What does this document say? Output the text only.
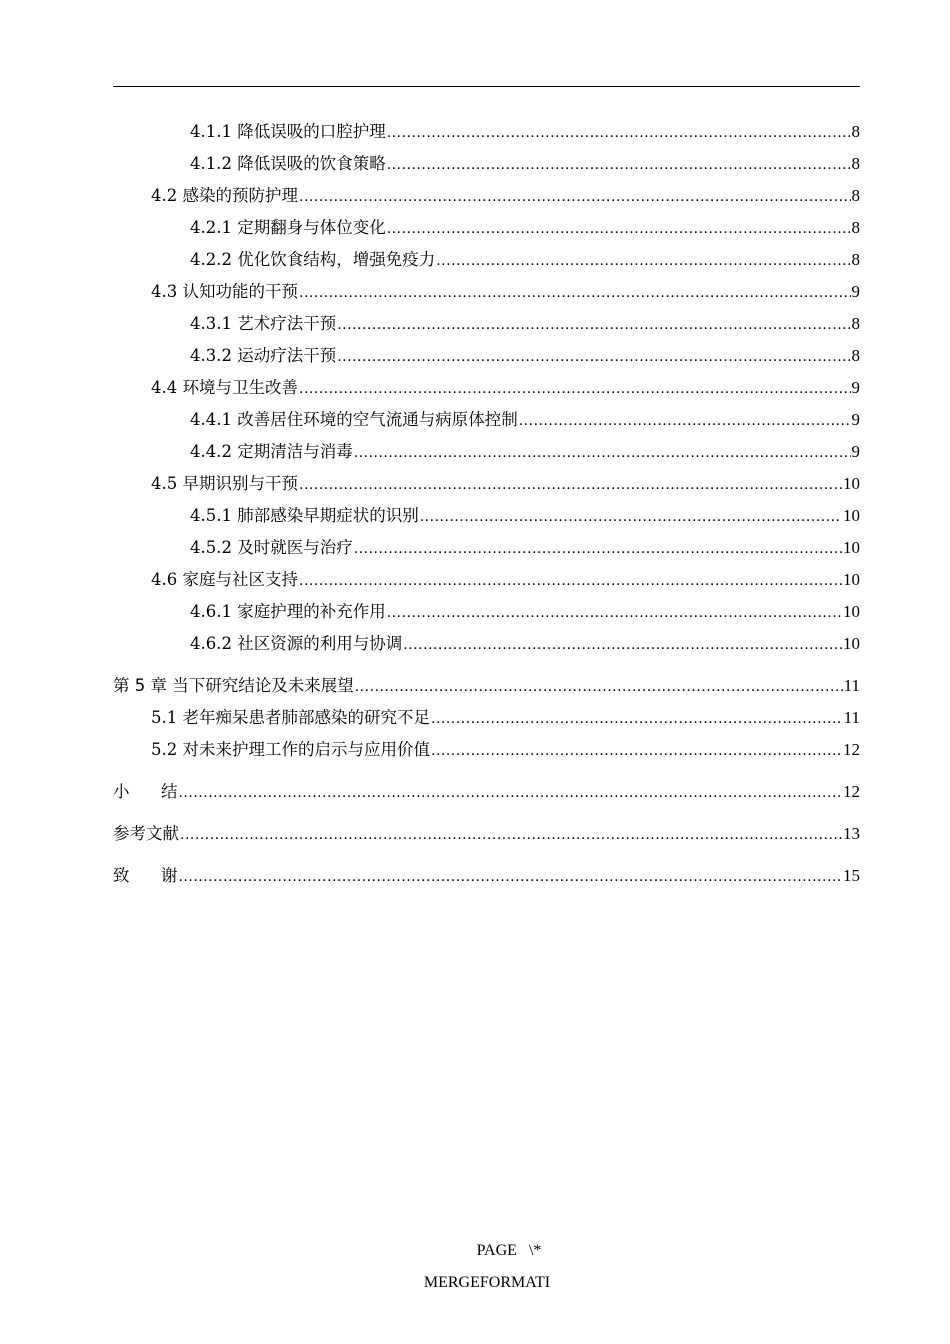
4.1.1 降低误吸的口腔护理 .....	8
4.1.2 降低误吸的饮食策略 .....	8
4.2 感染的预防护理 .....	8
4.2.1 定期翻身与体位变化 .....	8
4.2.2 优化饮食结构，增强免疫力 .....	8
4.3 认知功能的干预 .....	9
4.3.1 艺术疗法干预 .....	8
4.3.2 运动疗法干预 .....	8
4.4 环境与卫生改善 .....	9
4.4.1 改善居住环境的空气流通与病原体控制 .....	9
4.4.2 定期清洁与消毒 .....	9
4.5 早期识别与干预 .....	10
4.5.1 肺部感染早期症状的识别 .....	10
4.5.2 及时就医与治疗 .....	10
4.6 家庭与社区支持 .....	10
4.6.1 家庭护理的补充作用 .....	10
4.6.2 社区资源的利用与协调 .....	10
第 5 章 当下研究结论及未来展望 .....	11
5.1 老年痴呆患者肺部感染的研究不足 .....	11
5.2 对未来护理工作的启示与应用价值 .....	12
小      结 .....	12
参考文献 .....	13
致      谢 .....	15
PAGE   \*
MERGEFORMATI
